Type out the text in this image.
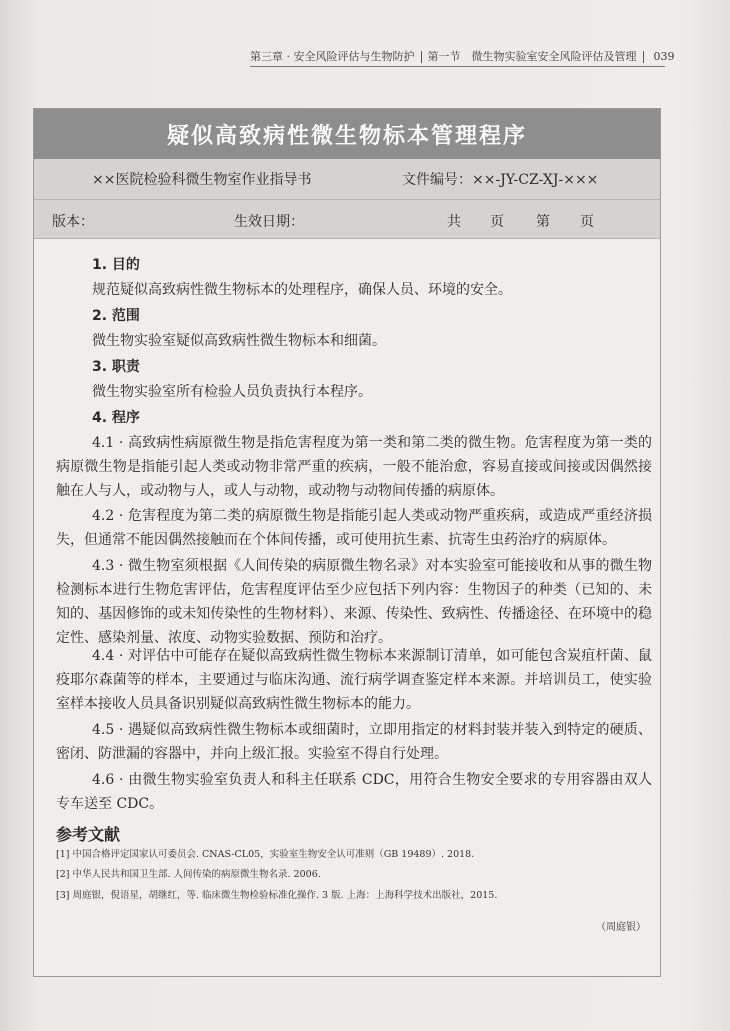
第三章 · 安全风险评估与生物防护 第一节　微生物实验室安全风险评估及管理 039
疑似高致病性微生物标本管理程序
××医院检验科微生物室作业指导书	文件编号：××-JY-CZ-XJ-×××
版本：	生效日期：	共 页 第 页
1. 目的
规范疑似高致病性微生物标本的处理程序，确保人员、环境的安全。
2. 范围
微生物实验室疑似高致病性微生物标本和细菌。
3. 职责
微生物实验室所有检验人员负责执行本程序。
4. 程序
4.1 · 高致病性病原微生物是指危害程度为第一类和第二类的微生物。危害程度为第一类的病原微生物是指能引起人类或动物非常严重的疾病，一般不能治愈，容易直接或间接或因偶然接触在人与人，或动物与人，或人与动物，或动物与动物间传播的病原体。
4.2 · 危害程度为第二类的病原微生物是指能引起人类或动物严重疾病，或造成严重经济损失，但通常不能因偶然接触而在个体间传播，或可使用抗生素、抗寄生虫药治疗的病原体。
4.3 · 微生物室须根据《人间传染的病原微生物名录》对本实验室可能接收和从事的微生物检测标本进行生物危害评估，危害程度评估至少应包括下列内容：生物因子的种类（已知的、未知的、基因修饰的或未知传染性的生物材料）、来源、传染性、致病性、传播途径、在环境中的稳定性、感染剂量、浓度、动物实验数据、预防和治疗。
4.4 · 对评估中可能存在疑似高致病性微生物标本来源制订清单，如可能包含炭疽杆菌、鼠疫耶尔森菌等的样本，主要通过与临床沟通、流行病学调查鉴定样本来源。并培训员工，使实验室样本接收人员具备识别疑似高致病性微生物标本的能力。
4.5 · 遇疑似高致病性微生物标本或细菌时，立即用指定的材料封装并装入到特定的硬质、密闭、防泄漏的容器中，并向上级汇报。实验室不得自行处理。
4.6 · 由微生物实验室负责人和科主任联系 CDC，用符合生物安全要求的专用容器由双人专车送至 CDC。
参考文献
[1] 中国合格评定国家认可委员会. CNAS-CL05，实验室生物安全认可准则（GB 19489）. 2018.
[2] 中华人民共和国卫生部. 人间传染的病原微生物名录. 2006.
[3] 周庭银，倪语星，胡继红，等. 临床微生物检验标准化操作. 3 版. 上海：上海科学技术出版社，2015.
（周庭银）
